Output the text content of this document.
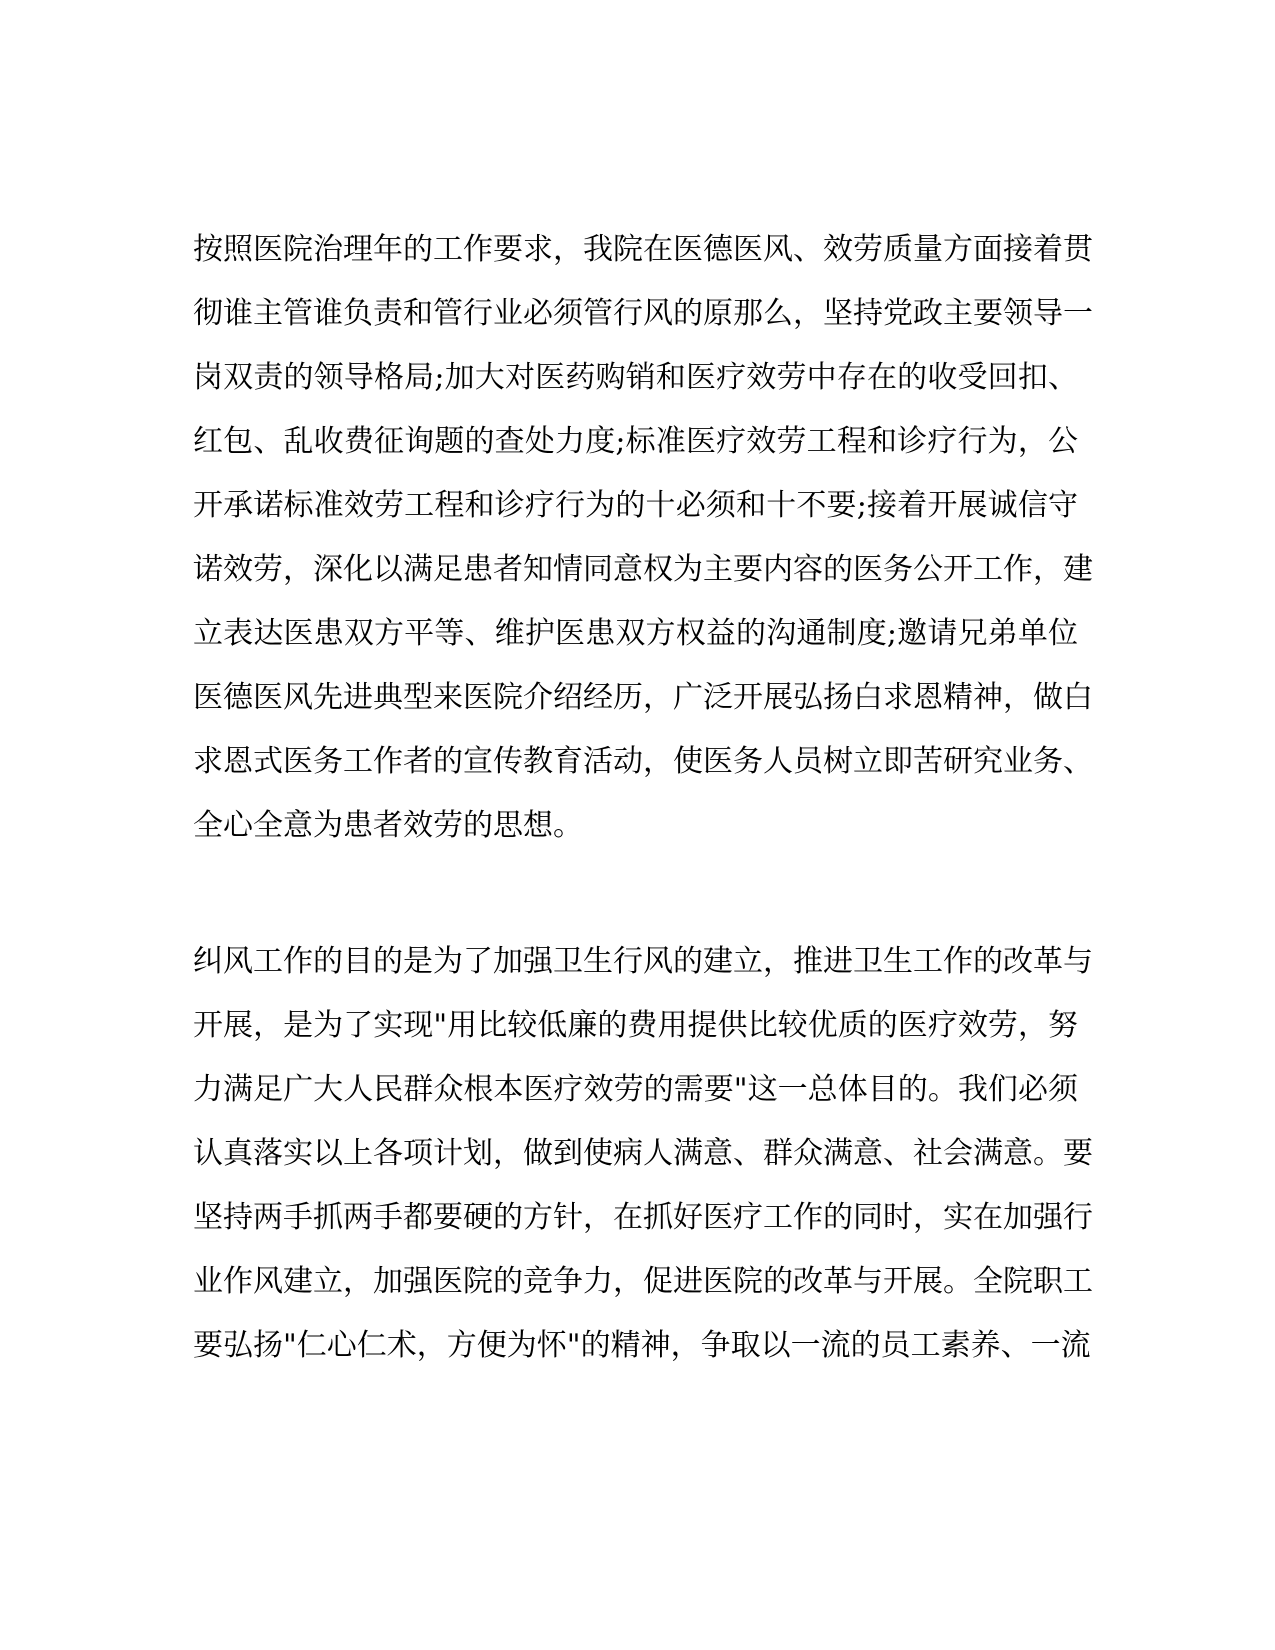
按照医院治理年的工作要求，我院在医德医风、效劳质量方面接着贯
彻谁主管谁负责和管行业必须管行风的原那么，坚持党政主要领导一
岗双责的领导格局;加大对医药购销和医疗效劳中存在的收受回扣、
红包、乱收费征询题的查处力度;标准医疗效劳工程和诊疗行为，公
开承诺标准效劳工程和诊疗行为的十必须和十不要;接着开展诚信守
诺效劳，深化以满足患者知情同意权为主要内容的医务公开工作，建
立表达医患双方平等、维护医患双方权益的沟通制度;邀请兄弟单位
医德医风先进典型来医院介绍经历，广泛开展弘扬白求恩精神，做白
求恩式医务工作者的宣传教育活动，使医务人员树立即苦研究业务、
全心全意为患者效劳的思想。
纠风工作的目的是为了加强卫生行风的建立，推进卫生工作的改革与
开展，是为了实现"用比较低廉的费用提供比较优质的医疗效劳，努
力满足广大人民群众根本医疗效劳的需要"这一总体目的。我们必须
认真落实以上各项计划，做到使病人满意、群众满意、社会满意。要
坚持两手抓两手都要硬的方针，在抓好医疗工作的同时，实在加强行
业作风建立，加强医院的竞争力，促进医院的改革与开展。全院职工
要弘扬"仁心仁术，方便为怀"的精神，争取以一流的员工素养、一流
